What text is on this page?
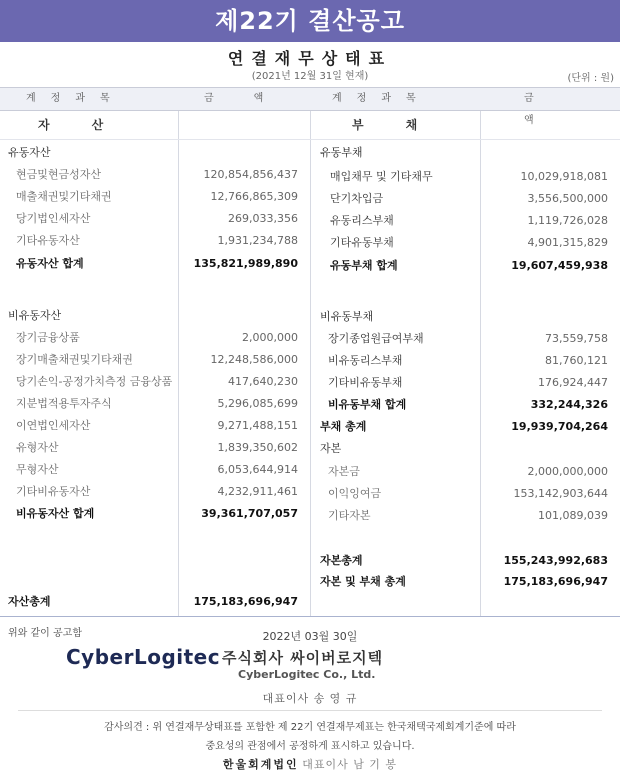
제22기 결산공고
연결재무상태표
(2021년 12월 31일 현재)	(단위 : 원)
계정과목	금액	계정과목	금액
자산	부채
유동자산
현금및현금성자산	120,854,856,437
매출채권및기타채권	12,766,865,309
당기법인세자산	269,033,356
기타유동자산	1,931,234,788
유동자산 합계	135,821,989,890
비유동자산
장기금융상품	2,000,000
장기매출채권및기타채권	12,248,586,000
당기손익-공정가치측정 금융상품	417,640,230
지분법적용투자주식	5,296,085,699
이연법인세자산	9,271,488,151
유형자산	1,839,350,602
무형자산	6,053,644,914
기타비유동자산	4,232,911,461
비유동자산 합계	39,361,707,057
자산총계	175,183,696,947
유동부채
매입채무 및 기타채무	10,029,918,081
단기차입금	3,556,500,000
유동리스부채	1,119,726,028
기타유동부채	4,901,315,829
유동부채 합계	19,607,459,938
비유동부채
장기종업원급여부채	73,559,758
비유동리스부채	81,760,121
기타비유동부채	176,924,447
비유동부채 합계	332,244,326
부채 총계	19,939,704,264
자본
자본금	2,000,000,000
이익잉여금	153,142,903,644
기타자본	101,089,039
자본총계	155,243,992,683
자본 및 부채 총계	175,183,696,947
위와 같이 공고함	2022년 03월 30일
CyberLogitec 주식회사 싸이버로지텍
CyberLogitec Co., Ltd.
대표이사 송 영 규
감사의견 : 위 연결재무상태표를 포함한 제 22기 연결재무제표는 한국채택국제회계기준에 따라
중요성의 관점에서 공정하게 표시하고 있습니다.
한울회계법인 대표이사 남 기 봉
